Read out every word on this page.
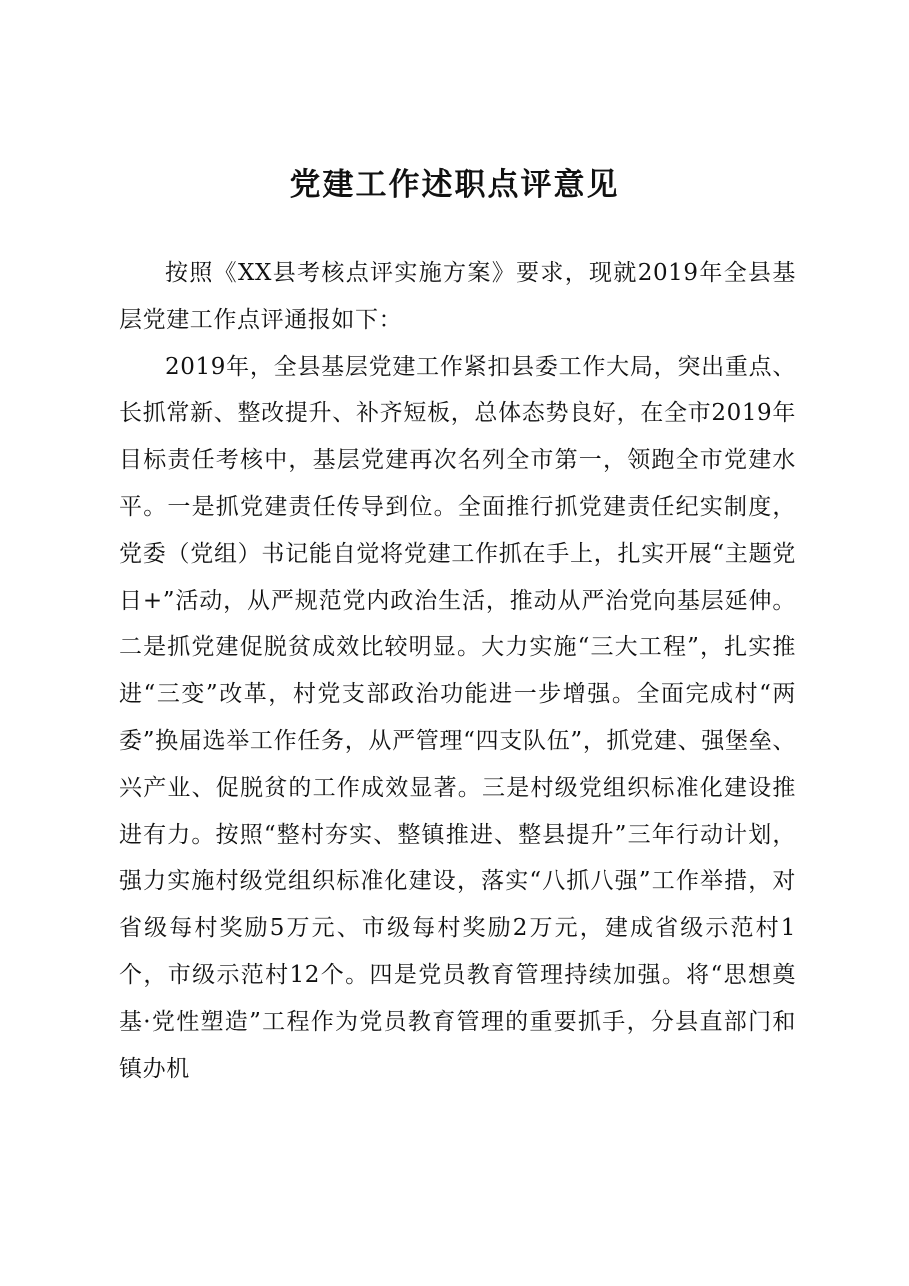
党建工作述职点评意见

按照《XX县考核点评实施方案》要求，现就2019年全县基层党建工作点评通报如下：

2019年，全县基层党建工作紧扣县委工作大局，突出重点、长抓常新、整改提升、补齐短板，总体态势良好，在全市2019年目标责任考核中，基层党建再次名列全市第一，领跑全市党建水平。一是抓党建责任传导到位。全面推行抓党建责任纪实制度，党委（党组）书记能自觉将党建工作抓在手上，扎实开展“主题党日+”活动，从严规范党内政治生活，推动从严治党向基层延伸。二是抓党建促脱贫成效比较明显。大力实施“三大工程”，扎实推进“三变”改革，村党支部政治功能进一步增强。全面完成村“两委”换届选举工作任务，从严管理“四支队伍”，抓党建、强堡垒、兴产业、促脱贫的工作成效显著。三是村级党组织标准化建设推进有力。按照“整村夯实、整镇推进、整县提升”三年行动计划，强力实施村级党组织标准化建设，落实“八抓八强”工作举措，对省级每村奖励5万元、市级每村奖励2万元，建成省级示范村1个，市级示范村12个。四是党员教育管理持续加强。将“思想奠基·党性塑造”工程作为党员教育管理的重要抓手，分县直部门和镇办机
